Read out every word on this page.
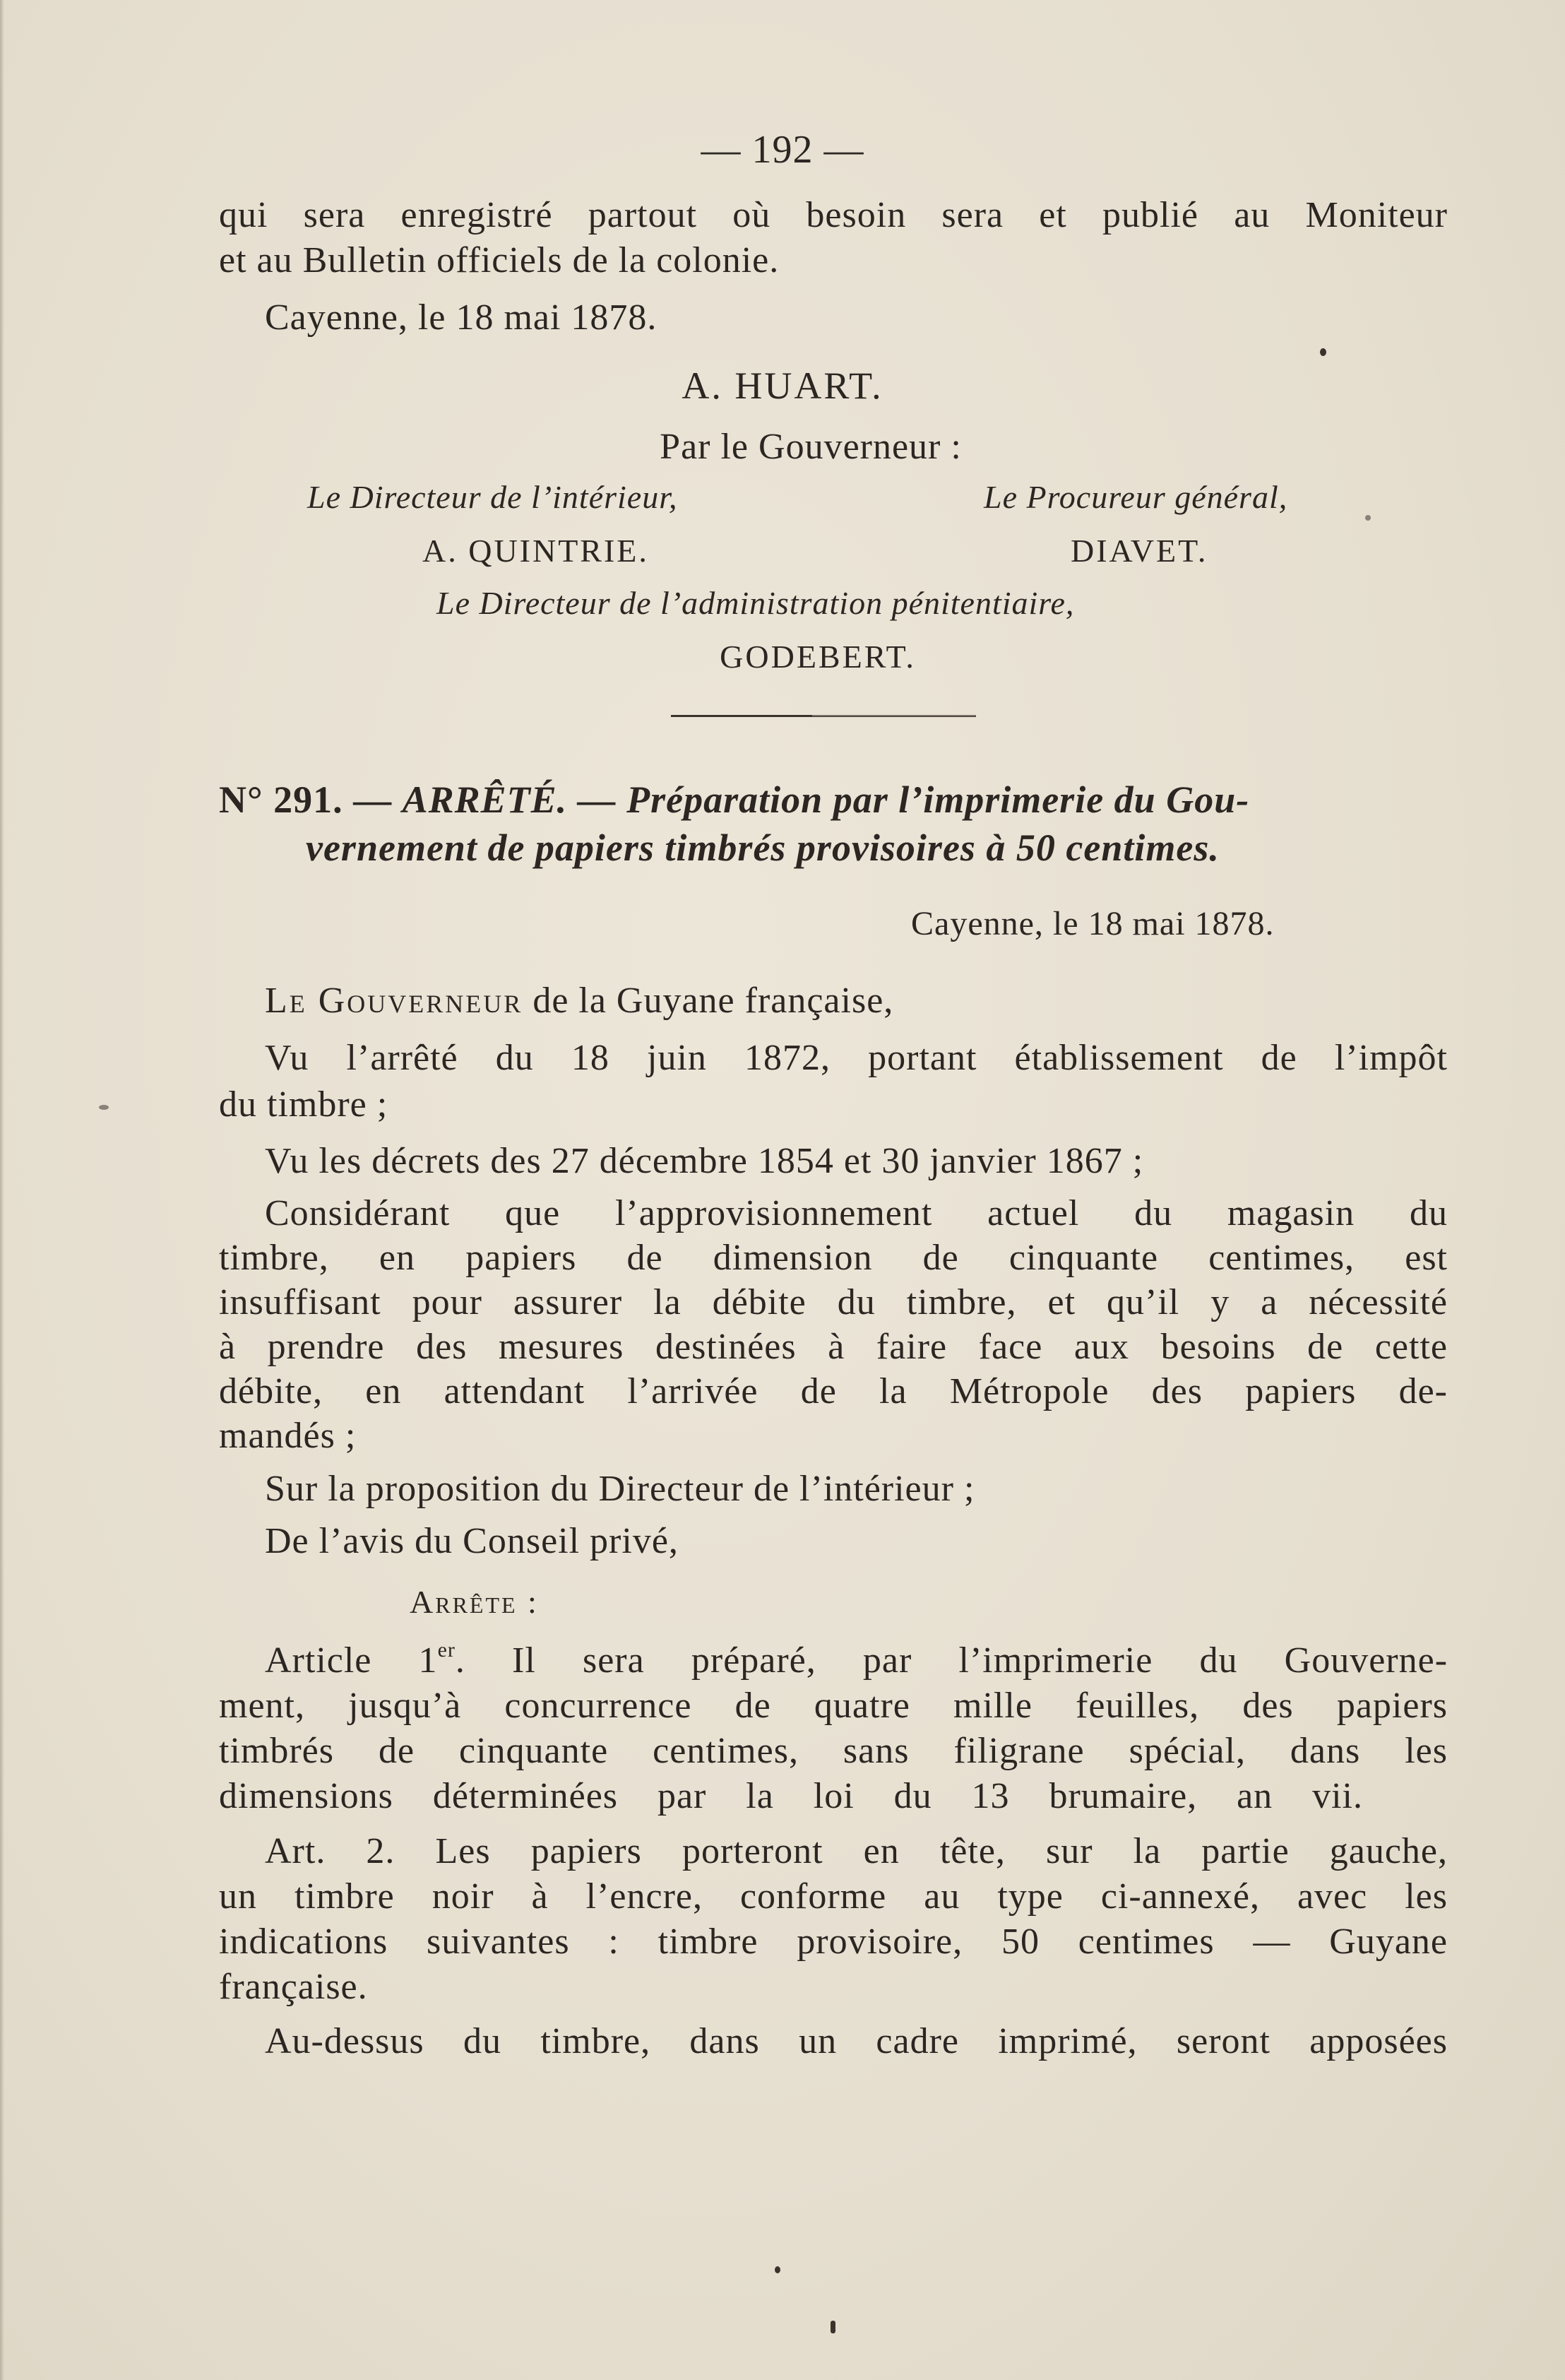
— 192 —
qui sera enregistré partout où besoin sera et publié au Moniteur
et au Bulletin officiels de la colonie.
Cayenne, le 18 mai 1878.
A. HUART.
Par le Gouverneur :
Le Directeur de l’intérieur,	Le Procureur général,
A. QUINTRIE.	DIAVET.
Le Directeur de l’administration pénitentiaire,
GODEBERT.
N° 291. — ARRÊTÉ. — Préparation par l’imprimerie du Gou-
vernement de papiers timbrés provisoires à 50 centimes.
Cayenne, le 18 mai 1878.
Le Gouverneur de la Guyane française,
Vu l’arrêté du 18 juin 1872, portant établissement de l’impôt
du timbre ;
Vu les décrets des 27 décembre 1854 et 30 janvier 1867 ;
Considérant que l’approvisionnement actuel du magasin du
timbre, en papiers de dimension de cinquante centimes, est
insuffisant pour assurer la débite du timbre, et qu’il y a nécessité
à prendre des mesures destinées à faire face aux besoins de cette
débite, en attendant l’arrivée de la Métropole des papiers de-
mandés ;
Sur la proposition du Directeur de l’intérieur ;
De l’avis du Conseil privé,
Arrête :
Article 1er. Il sera préparé, par l’imprimerie du Gouverne-
ment, jusqu’à concurrence de quatre mille feuilles, des papiers
timbrés de cinquante centimes, sans filigrane spécial, dans les
dimensions déterminées par la loi du 13 brumaire, an vii.
Art. 2. Les papiers porteront en tête, sur la partie gauche,
un timbre noir à l’encre, conforme au type ci-annexé, avec les
indications suivantes : timbre provisoire, 50 centimes — Guyane
française.
Au-dessus du timbre, dans un cadre imprimé, seront apposées
